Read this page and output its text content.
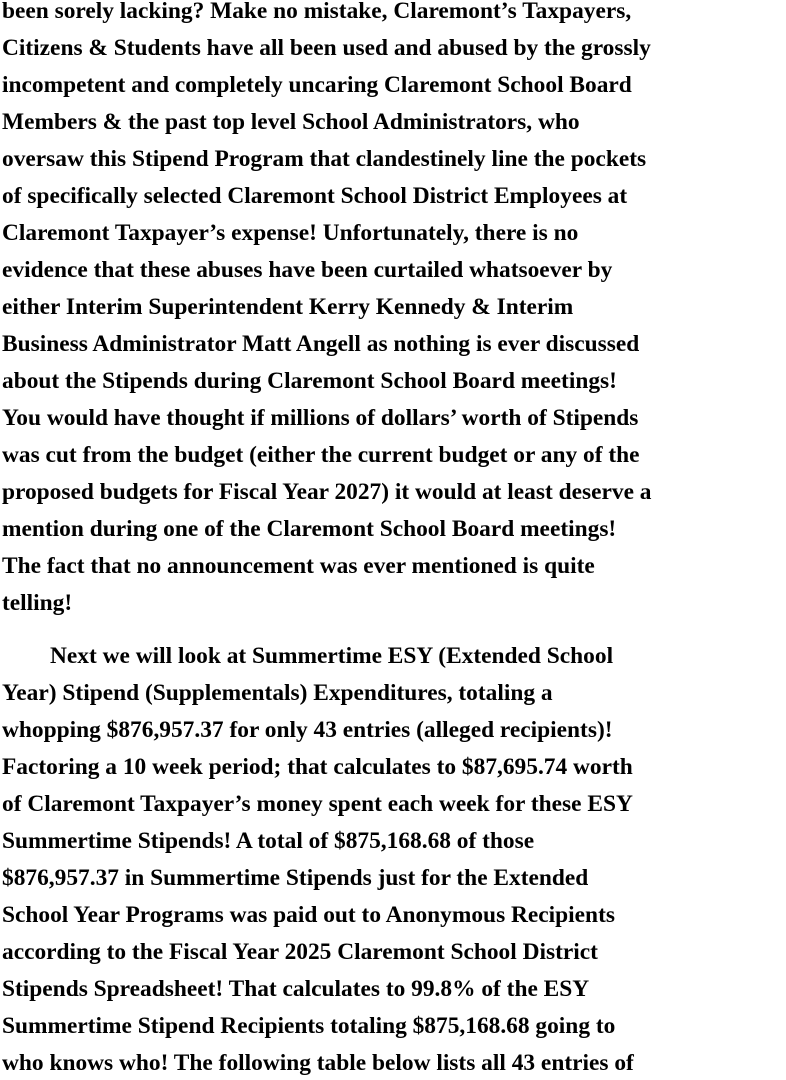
been sorely lacking? Make no mistake, Claremont’s Taxpayers,
Citizens & Students have all been used and abused by the grossly
incompetent and completely uncaring Claremont School Board
Members & the past top level School Administrators, who
oversaw this Stipend Program that clandestinely line the pockets
of specifically selected Claremont School District Employees at
Claremont Taxpayer’s expense! Unfortunately, there is no
evidence that these abuses have been curtailed whatsoever by
either Interim Superintendent Kerry Kennedy & Interim
Business Administrator Matt Angell as nothing is ever discussed
about the Stipends during Claremont School Board meetings!
You would have thought if millions of dollars’ worth of Stipends
was cut from the budget (either the current budget or any of the
proposed budgets for Fiscal Year 2027) it would at least deserve a
mention during one of the Claremont School Board meetings!
The fact that no announcement was ever mentioned is quite
telling!
Next we will look at Summertime ESY (Extended School
Year) Stipend (Supplementals) Expenditures, totaling a
whopping $876,957.37 for only 43 entries (alleged recipients)!
Factoring a 10 week period; that calculates to $87,695.74 worth
of Claremont Taxpayer’s money spent each week for these ESY
Summertime Stipends! A total of $875,168.68 of those
$876,957.37 in Summertime Stipends just for the Extended
School Year Programs was paid out to Anonymous Recipients
according to the Fiscal Year 2025 Claremont School District
Stipends Spreadsheet! That calculates to 99.8% of the ESY
Summertime Stipend Recipients totaling $875,168.68 going to
who knows who! The following table below lists all 43 entries of
